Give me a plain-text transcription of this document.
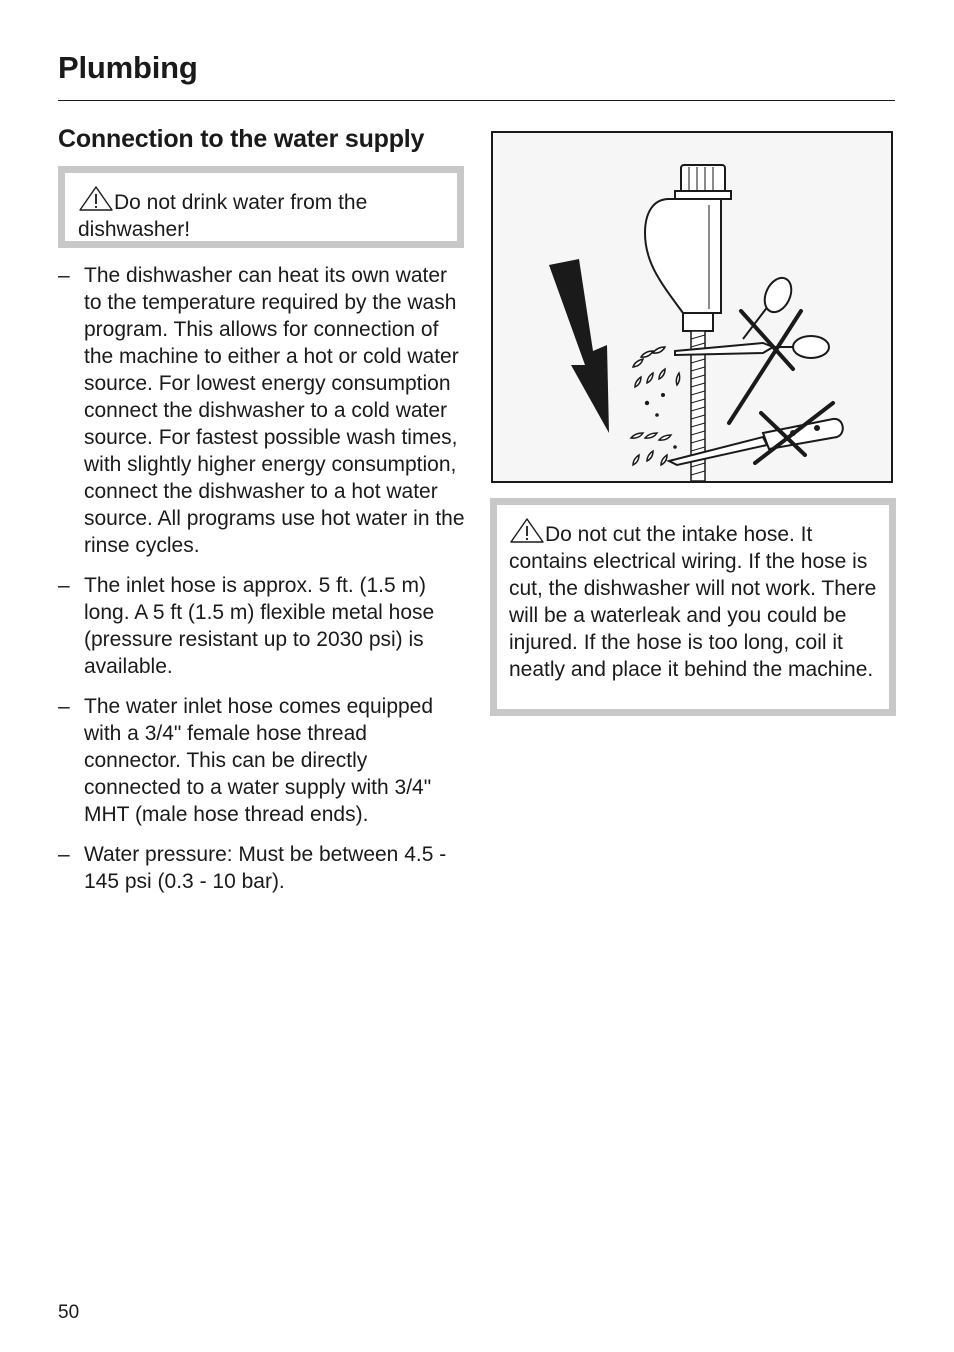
Plumbing
Connection to the water supply
Do not drink water from the dishwasher!
– The dishwasher can heat its own water to the temperature required by the wash program. This allows for connection of the machine to either a hot or cold water source. For lowest energy consumption connect the dishwasher to a cold water source. For fastest possible wash times, with slightly higher energy consumption, connect the dishwasher to a hot water source. All programs use hot water in the rinse cycles.
– The inlet hose is approx. 5 ft. (1.5 m) long. A 5 ft (1.5 m) flexible metal hose (pressure resistant up to 2030 psi) is available.
– The water inlet hose comes equipped with a 3/4" female hose thread connector. This can be directly connected to a water supply with 3/4" MHT (male hose thread ends).
– Water pressure: Must be between 4.5 - 145 psi (0.3 - 10 bar).
Do not cut the intake hose. It contains electrical wiring. If the hose is cut, the dishwasher will not work. There will be a waterleak and you could be injured. If the hose is too long, coil it neatly and place it behind the machine.
50
